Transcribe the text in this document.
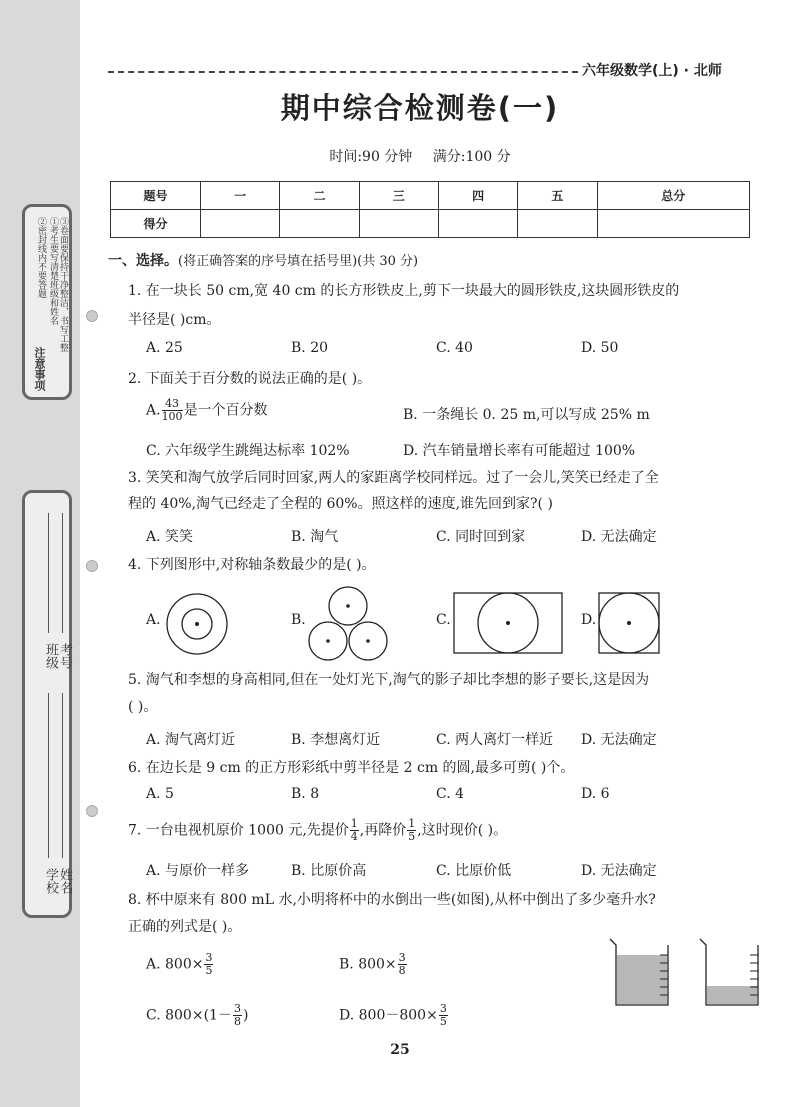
注意事项
①考生要写清楚班级和姓名
②密封线内不要答题 ③卷面要保持干净整洁，书写工整
班级 考号
学校 姓名
六年级数学(上) · 北师
期中综合检测卷(一)
时间:90 分钟 满分:100 分
题号	一	二	三	四	五	总分
得分						
一、选择。(将正确答案的序号填在括号里)(共 30 分)
1. 在一块长 50 cm,宽 40 cm 的长方形铁皮上,剪下一块最大的圆形铁皮,这块圆形铁皮的
半径是( )cm。
A. 25	B. 20	C. 40	D. 50
2. 下面关于百分数的说法正确的是( )。
A. $\frac{43}{100}$ 是一个百分数	B. 一条绳长 0. 25 m,可以写成 25% m
C. 六年级学生跳绳达标率 102%	D. 汽车销量增长率有可能超过 100%
3. 笑笑和淘气放学后同时回家,两人的家距离学校同样远。过了一会儿,笑笑已经走了全
程的 40%,淘气已经走了全程的 60%。照这样的速度,谁先回到家?( )
A. 笑笑	B. 淘气	C. 同时回到家	D. 无法确定
4. 下列图形中,对称轴条数最少的是( )。
A.	B.	C.	D.
5. 淘气和李想的身高相同,但在一处灯光下,淘气的影子却比李想的影子要长,这是因为
( )。
A. 淘气离灯近	B. 李想离灯近	C. 两人离灯一样近 D. 无法确定
6. 在边长是 9 cm 的正方形彩纸中剪半径是 2 cm 的圆,最多可剪( )个。
A. 5	B. 8	C. 4	D. 6
7. 一台电视机原价 1000 元,先提价 $\frac{1}{4}$ ,再降价 $\frac{1}{5}$ ,这时现价( )。
A. 与原价一样多	B. 比原价高	C. 比原价低	D. 无法确定
8. 杯中原来有 800 mL 水,小明将杯中的水倒出一些(如图),从杯中倒出了多少毫升水?
正确的列式是( )。
A. $800\times \frac{3}{5}$	B. $800\times \frac{3}{8}$
C. $800\times(1- \frac{3}{8}$ )	D. $800-800\times \frac{3}{5}$
25
